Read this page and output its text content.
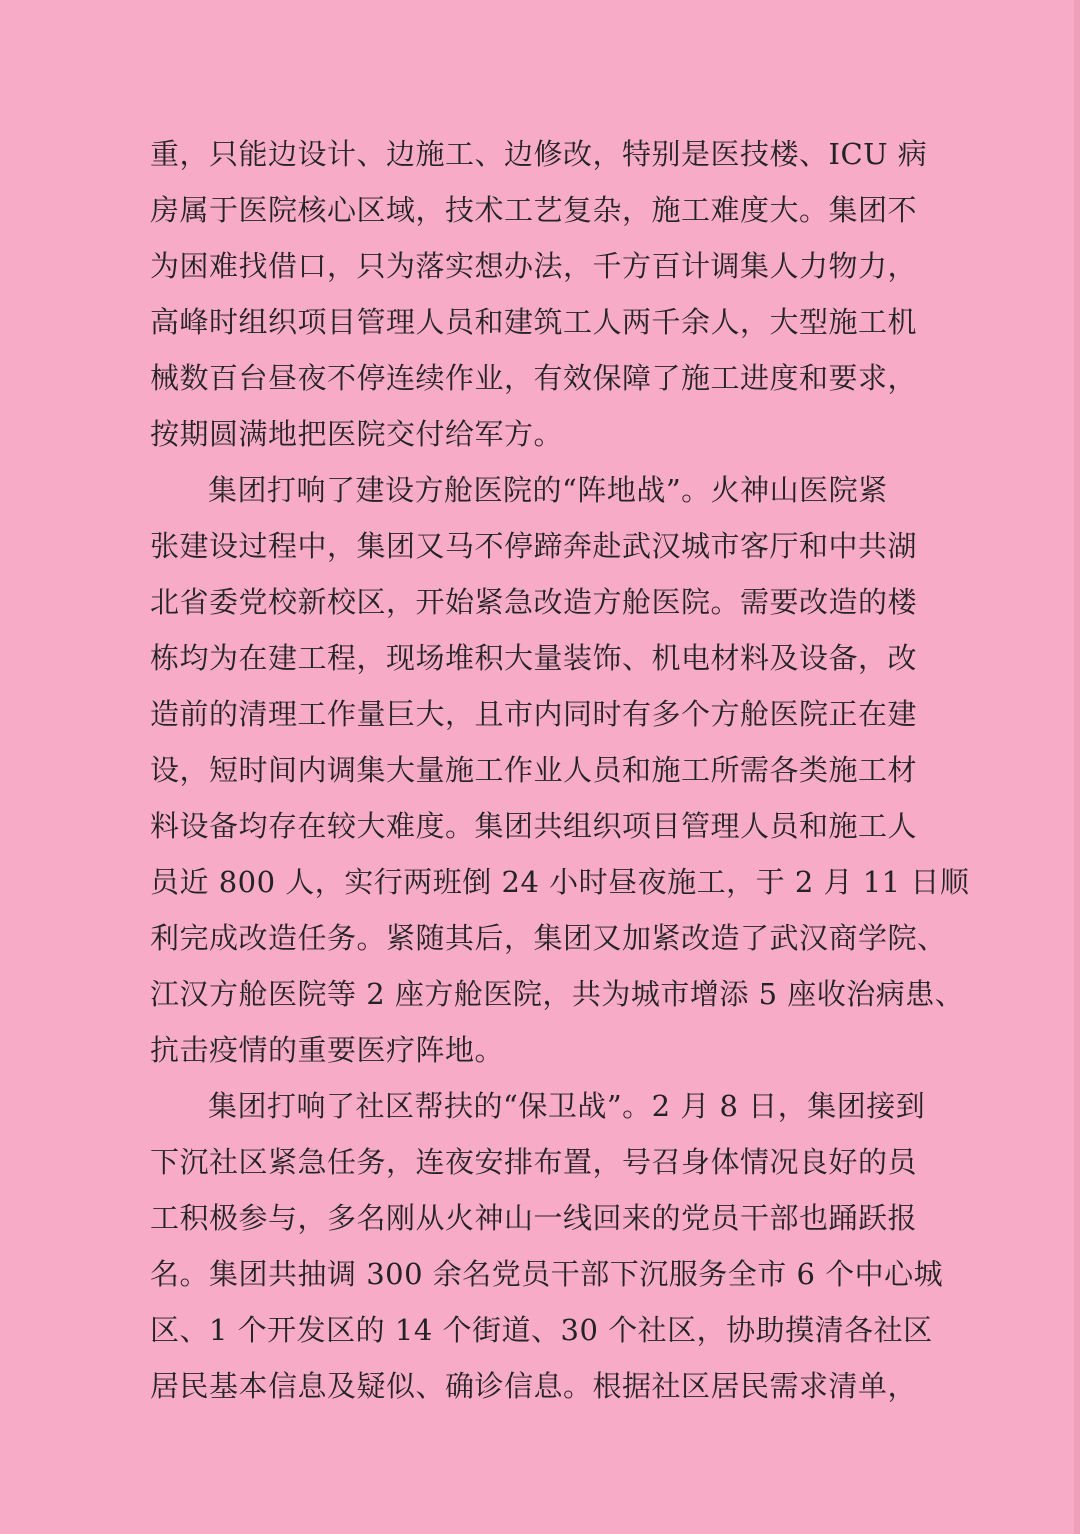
重，只能边设计、边施工、边修改，特别是医技楼、ICU 病
房属于医院核心区域，技术工艺复杂，施工难度大。集团不
为困难找借口，只为落实想办法，千方百计调集人力物力，
高峰时组织项目管理人员和建筑工人两千余人，大型施工机
械数百台昼夜不停连续作业，有效保障了施工进度和要求，
按期圆满地把医院交付给军方。
集团打响了建设方舱医院的“阵地战”。火神山医院紧
张建设过程中，集团又马不停蹄奔赴武汉城市客厅和中共湖
北省委党校新校区，开始紧急改造方舱医院。需要改造的楼
栋均为在建工程，现场堆积大量装饰、机电材料及设备，改
造前的清理工作量巨大，且市内同时有多个方舱医院正在建
设，短时间内调集大量施工作业人员和施工所需各类施工材
料设备均存在较大难度。集团共组织项目管理人员和施工人
员近 800 人，实行两班倒 24 小时昼夜施工，于 2 月 11 日顺
利完成改造任务。紧随其后，集团又加紧改造了武汉商学院、
江汉方舱医院等 2 座方舱医院，共为城市增添 5 座收治病患、
抗击疫情的重要医疗阵地。
集团打响了社区帮扶的“保卫战”。2 月 8 日，集团接到
下沉社区紧急任务，连夜安排布置，号召身体情况良好的员
工积极参与，多名刚从火神山一线回来的党员干部也踊跃报
名。集团共抽调 300 余名党员干部下沉服务全市 6 个中心城
区、1 个开发区的 14 个街道、30 个社区，协助摸清各社区
居民基本信息及疑似、确诊信息。根据社区居民需求清单，
